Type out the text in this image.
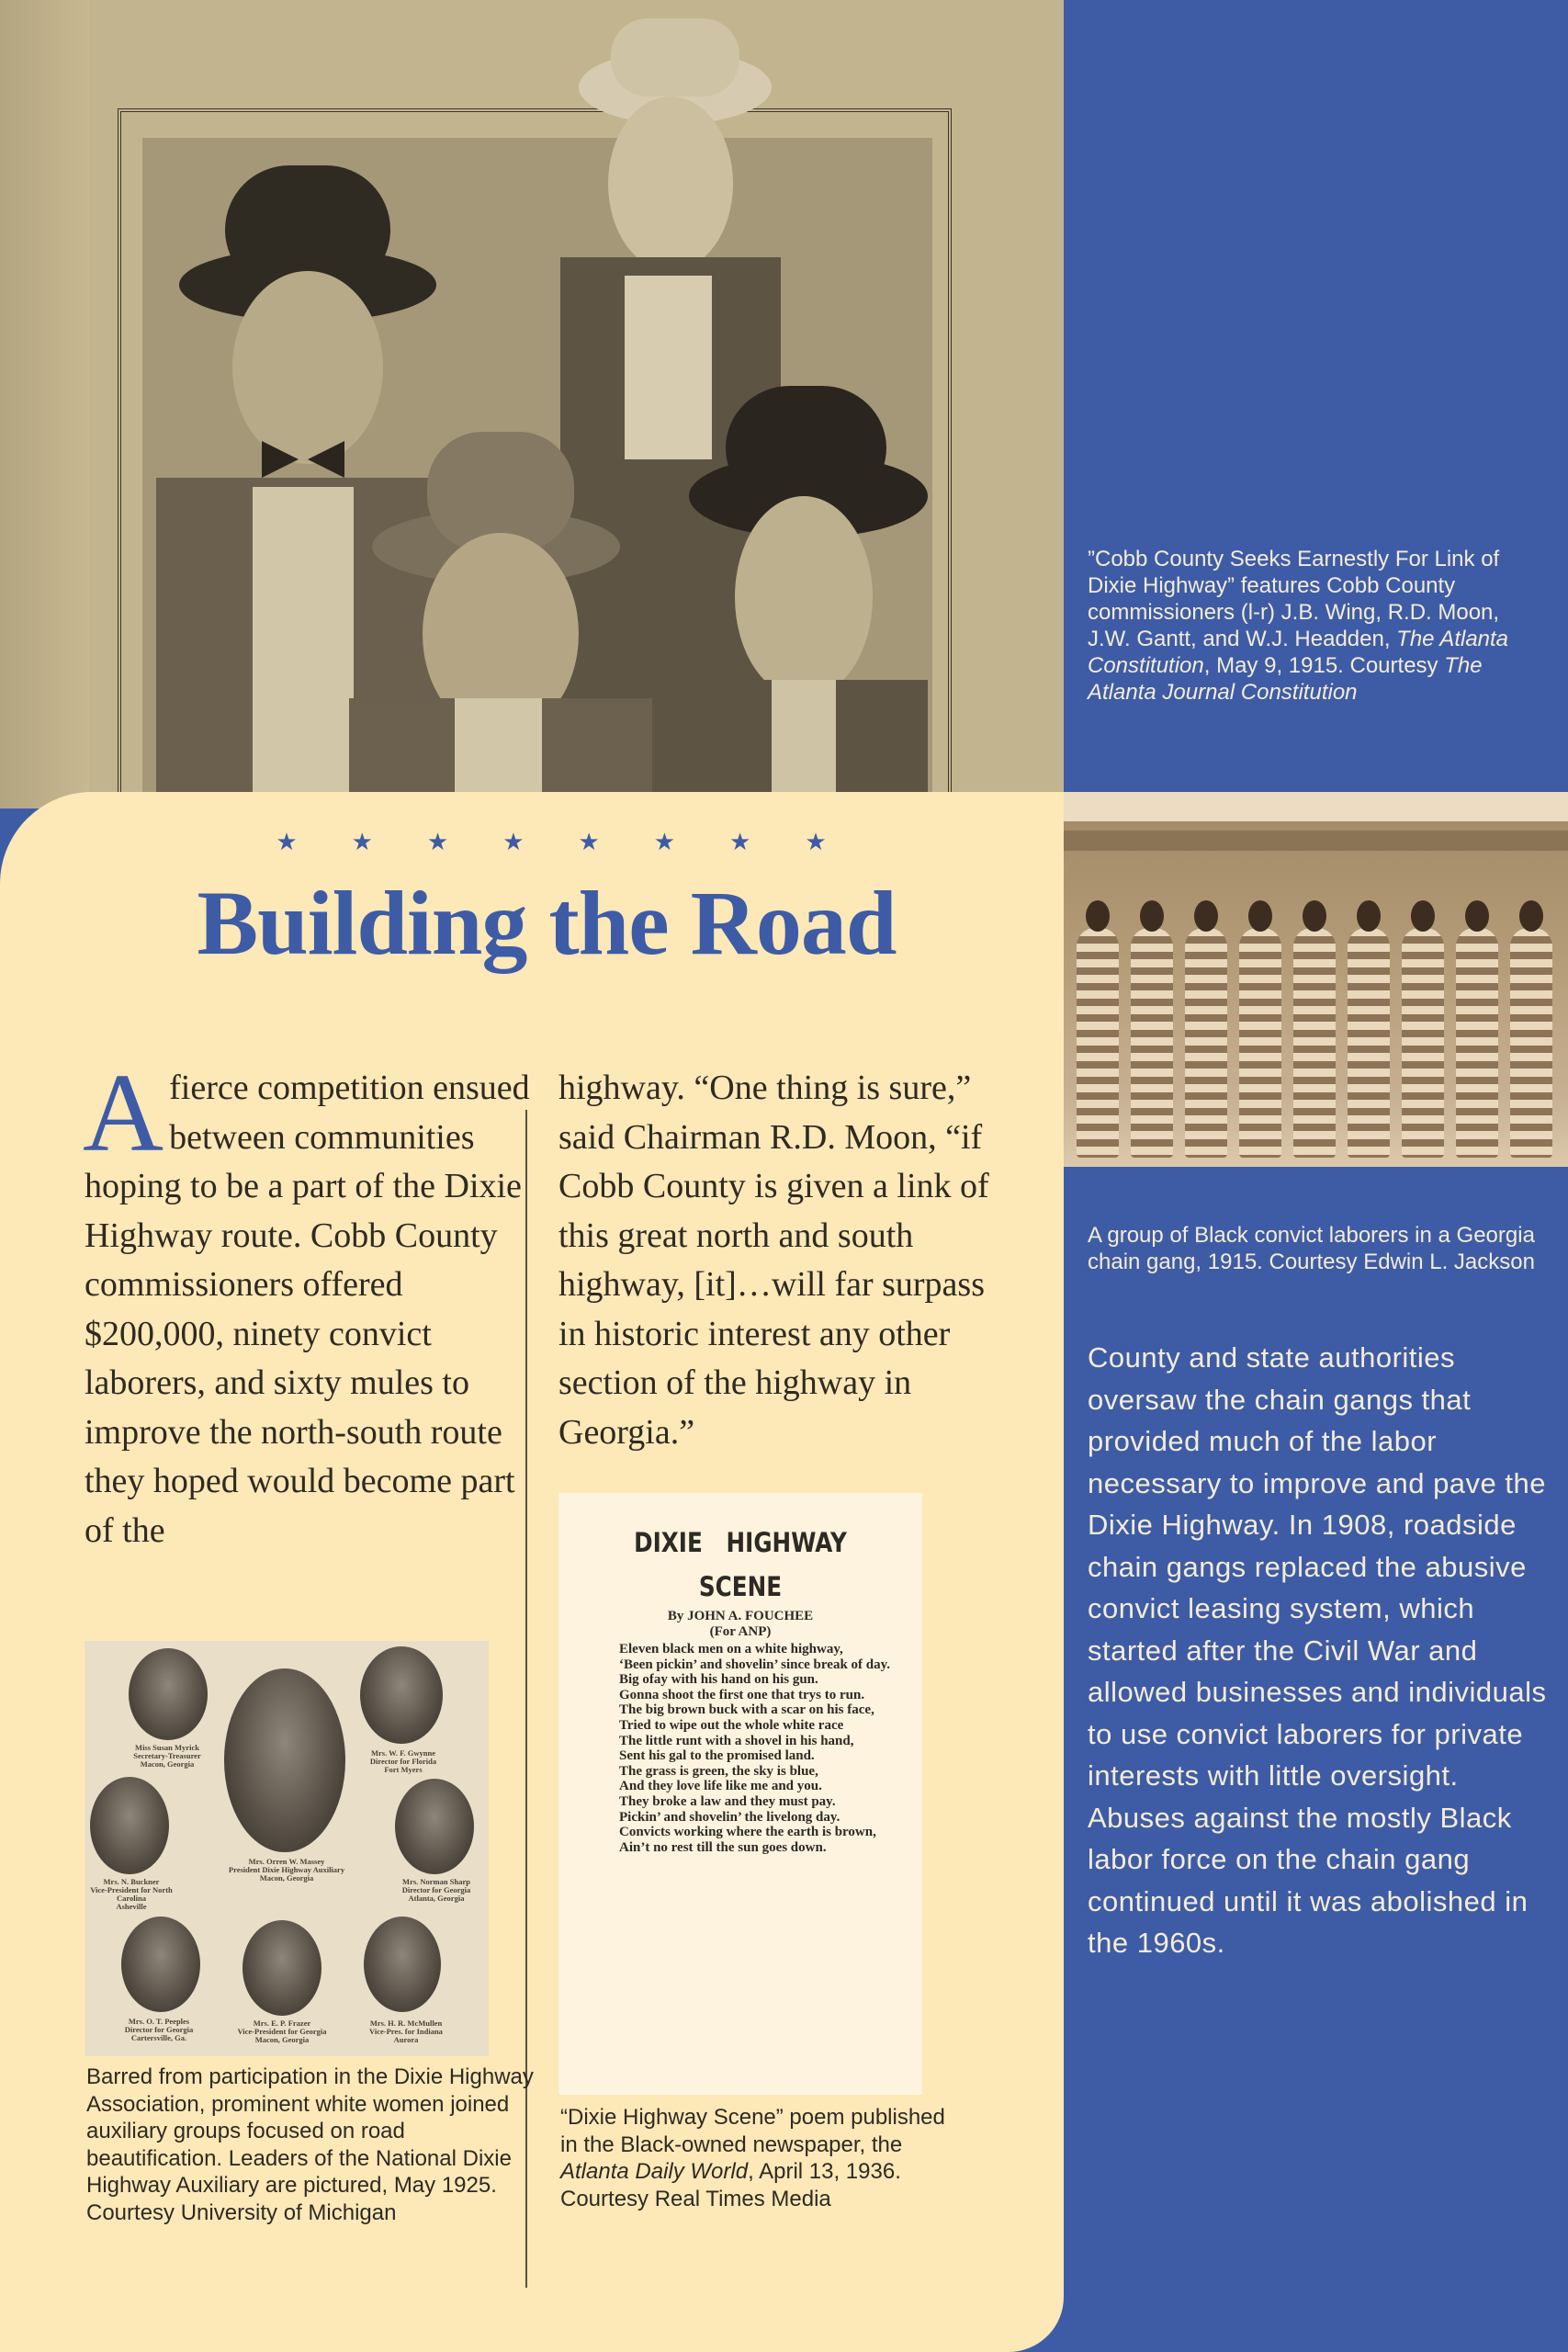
”Cobb County Seeks Earnestly For Link of Dixie Highway” features Cobb County commissioners (l-r) J.B. Wing, R.D. Moon, J.W. Gantt, and W.J. Headden, The Atlanta Constitution, May 9, 1915. Courtesy The Atlanta Journal Constitution
★ ★ ★ ★ ★ ★ ★ ★
Building the Road
Afierce competition ensued between communities hoping to be a part of the Dixie Highway route. Cobb County commissioners offered $200,000, ninety convict laborers, and sixty mules to improve the north-south route they hoped would become part of the
highway. “One thing is sure,” said Chairman R.D. Moon, “if Cobb County is given a link of this great north and south highway, [it]…will far surpass in historic interest any other section of the highway in Georgia.”
Miss Susan Myrick
Secretary-Treasurer
Macon, Georgia
Mrs. Orren W. Massey
President Dixie Highway Auxiliary
Macon, Georgia
Mrs. W. F. Gwynne
Director for Florida
Fort Myers
Mrs. N. Buckner
Vice-President for North Carolina
Asheville
Mrs. Norman Sharp
Director for Georgia
Atlanta, Georgia
Mrs. O. T. Peeples
Director for Georgia
Cartersville, Ga.
Mrs. E. P. Frazer
Vice-President for Georgia
Macon, Georgia
Mrs. H. R. McMullen
Vice-Pres. for Indiana
Aurora
Barred from participation in the Dixie Highway Association, prominent white women joined auxiliary groups focused on road beautification. Leaders of the National Dixie Highway Auxiliary are pictured, May 1925. Courtesy University of Michigan
DIXIE   HIGHWAY
SCENE
By JOHN A. FOUCHEE
(For ANP)
Eleven black men on a white highway,
‘Been pickin’ and shovelin’ since break of day.
Big ofay with his hand on his gun.
Gonna shoot the first one that trys to run.
The big brown buck with a scar on his face,
Tried to wipe out the whole white race
The little runt with a shovel in his hand,
Sent his gal to the promised land.
The grass is green, the sky is blue,
And they love life like me and you.
They broke a law and they must pay.
Pickin’ and shovelin’ the livelong day.
Convicts working where the earth is brown,
Ain’t no rest till the sun goes down.
“Dixie Highway Scene” poem published in the Black-owned newspaper, the Atlanta Daily World, April 13, 1936. Courtesy Real Times Media
A group of Black convict laborers in a Georgia chain gang, 1915. Courtesy Edwin L. Jackson
County and state authorities oversaw the chain gangs that provided much of the labor necessary to improve and pave the Dixie Highway. In 1908, roadside chain gangs replaced the abusive convict leasing system, which started after the Civil War and allowed businesses and individuals to use convict laborers for private interests with little oversight. Abuses against the mostly Black labor force on the chain gang continued until it was abolished in the 1960s.
